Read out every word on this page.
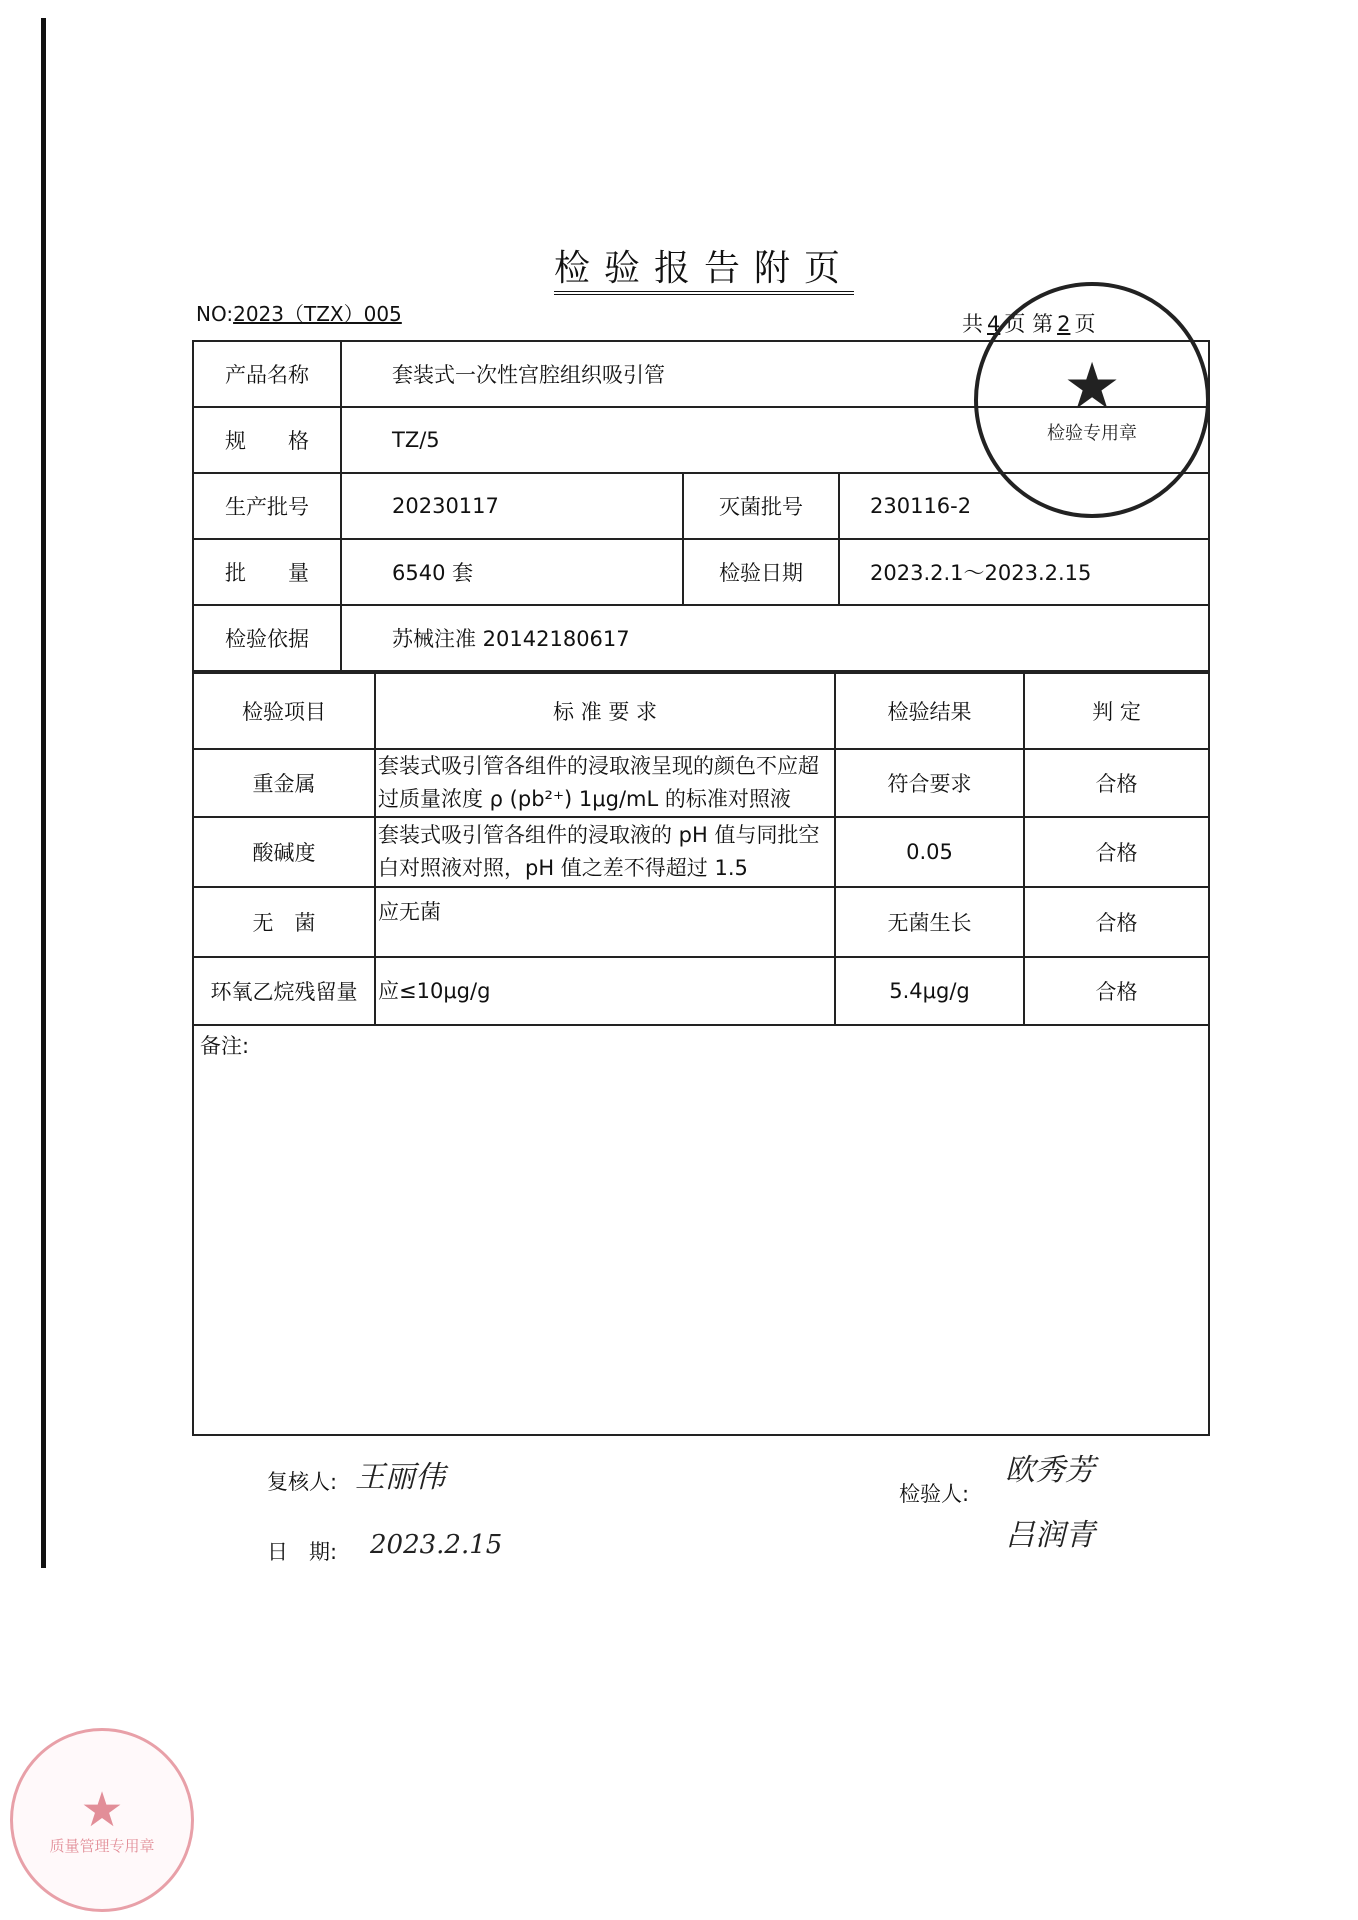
检验报告附页
NO:2023（TZX）005	共 4 页 第 2 页
产品名称	套装式一次性宫腔组织吸引管		
规　　格	TZ/5		
生产批号	20230117	灭菌批号	230116-2
批　　量	6540 套	检验日期	2023.2.1～2023.2.15
检验依据	苏械注准 20142180617		
检验项目	标 准 要 求	检验结果	判 定
重金属	套装式吸引管各组件的浸取液呈现的颜色不应超过质量浓度 ρ (pb²⁺) 1μg/mL 的标准对照液	符合要求	合格
酸碱度	套装式吸引管各组件的浸取液的 pH 值与同批空白对照液对照，pH 值之差不得超过 1.5	0.05	合格
无　菌	应无菌	无菌生长	合格
环氧乙烷残留量	应≤10μg/g	5.4μg/g	合格
备注:			
复核人: 王丽伟
日　期: 2023.2.15
检验人:
欧秀芳
吕润青
★
检验专用章
★
质量管理专用章
